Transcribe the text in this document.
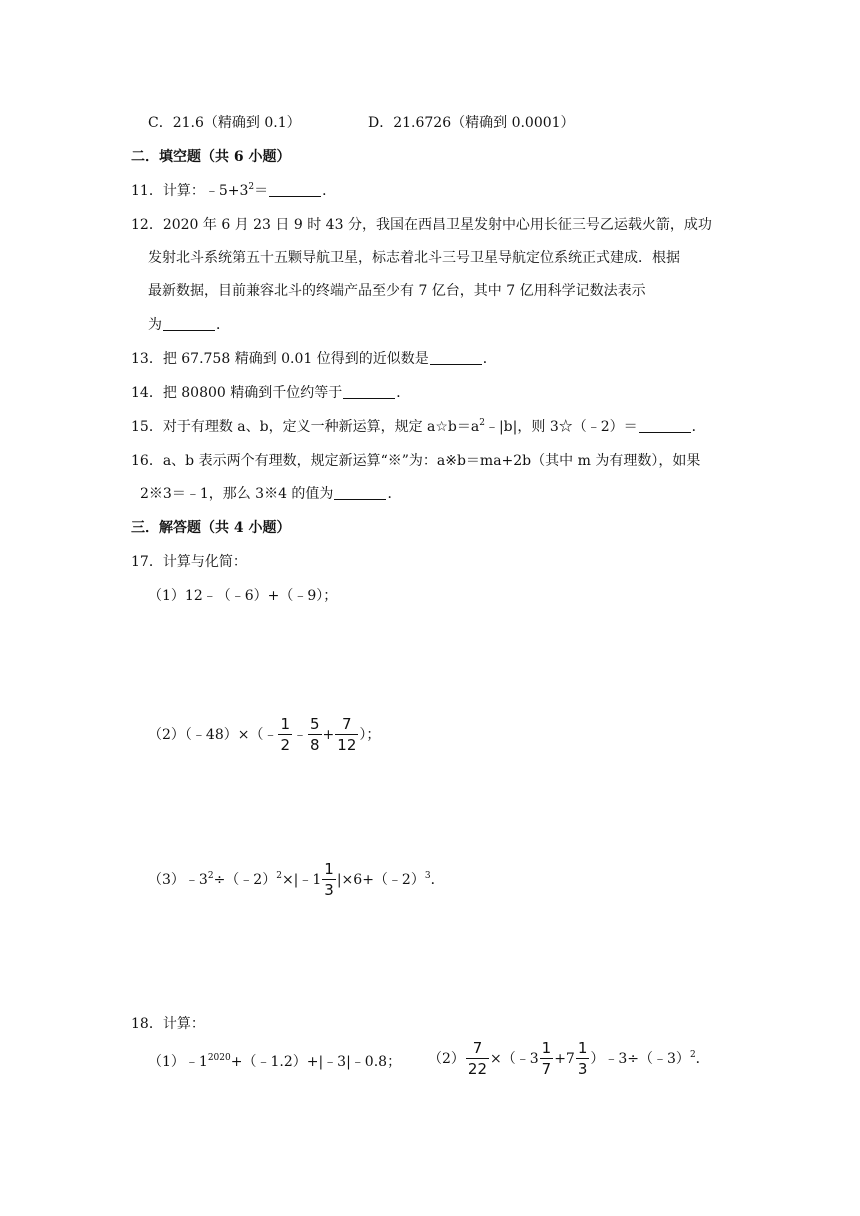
C．21.6（精确到 0.1）	D．21.6726（精确到 0.0001）
二．填空题（共 6 小题）
11．计算：$﹣5+3^2=$	．
12．2020 年 6 月 23 日 9 时 43 分，我国在西昌卫星发射中心用长征三号乙运载火箭，成功
发射北斗系统第五十五颗导航卫星，标志着北斗三号卫星导航定位系统正式建成．根据
最新数据，目前兼容北斗的终端产品至少有 7 亿台，其中 7 亿用科学记数法表示
为	．
13．把 67.758 精确到 0.01 位得到的近似数是	．
14．把 80800 精确到千位约等于	．
15．对于有理数 a、b，定义一种新运算，规定 $a☆b=a^2﹣|b|$，则 3☆（﹣2）＝	．
16．a、b 表示两个有理数，规定新运算“※”为：a※b＝ma+2b（其中 m 为有理数），如果
2※3＝﹣1，那么 3※4 的值为	．
三．解答题（共 4 小题）
17．计算与化简：
（1）12﹣（﹣6）+（﹣9）；
（2）（﹣48）×（﹣ $\frac{1}{2}$ ﹣ $\frac{5}{8} + \frac{7}{12}$ ）；
$(3)﹣3^2\div(﹣2)^2\times|﹣1 \frac{1}{3}$ |×6+（﹣2）$^3$．
18．计算：
$(1)﹣1^{2020}+(﹣1.2)+|﹣3|﹣0.8$； $(2) \frac{7}{22}$ ×（﹣3 $\frac{1}{7} +7 \frac{1}{3}$ ）﹣3÷（﹣3）$^2$．
